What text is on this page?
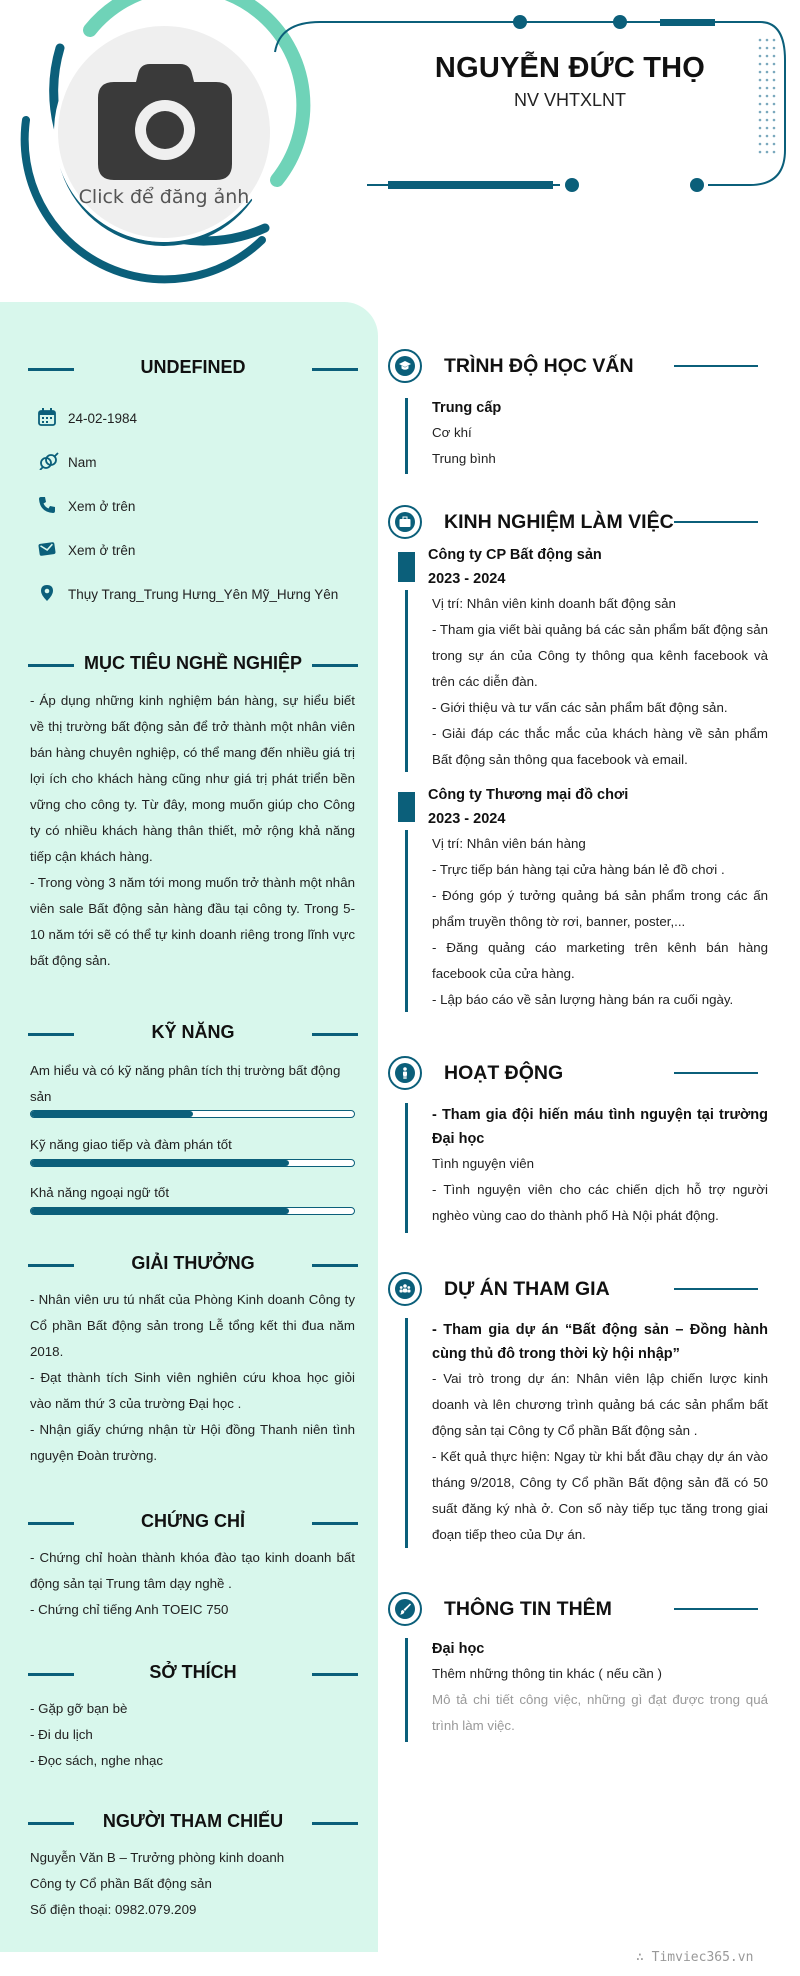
Click để đăng ảnh
NGUYỄN ĐỨC THỌ
NV VHTXLNT
UNDEFINED
24-02-1984
Nam
Xem ở trên
Xem ở trên
Thụy Trang_Trung Hưng_Yên Mỹ_Hưng Yên
MỤC TIÊU NGHỀ NGHIỆP

- Áp dụng những kinh nghiệm bán hàng, sự hiểu biết về thị trường bất động sản để trở thành một nhân viên bán hàng chuyên nghiệp, có thể mang đến nhiều giá trị lợi ích cho khách hàng cũng như giá trị phát triển bền vững cho công ty. Từ đây, mong muốn giúp cho Công ty có nhiều khách hàng thân thiết, mở rộng khả năng tiếp cận khách hàng.

- Trong vòng 3 năm tới mong muốn trở thành một nhân viên sale Bất động sản hàng đầu tại công ty. Trong 5-10 năm tới sẽ có thể tự kinh doanh riêng trong lĩnh vực bất động sản.

KỸ NĂNG
Am hiểu và có kỹ năng phân tích thị trường bất động sản
Kỹ năng giao tiếp và đàm phán tốt
Khả năng ngoại ngữ tốt
GIẢI THƯỞNG

- Nhân viên ưu tú nhất của Phòng Kinh doanh Công ty Cổ phần Bất động sản trong Lễ tổng kết thi đua năm 2018.

- Đạt thành tích Sinh viên nghiên cứu khoa học giỏi vào năm thứ 3 của trường Đại học .

- Nhận giấy chứng nhận từ Hội đồng Thanh niên tình nguyện Đoàn trường.

CHỨNG CHỈ

- Chứng chỉ hoàn thành khóa đào tạo kinh doanh bất động sản tại Trung tâm dạy nghề .

- Chứng chỉ tiếng Anh TOEIC 750

SỞ THÍCH

- Gặp gỡ bạn bè

- Đi du lịch

- Đọc sách, nghe nhạc

NGƯỜI THAM CHIẾU

Nguyễn Văn B – Trưởng phòng kinh doanh

Công ty Cổ phần Bất động sản

Số điện thoại: 0982.079.209

TRÌNH ĐỘ HỌC VẤN
Trung cấp
Cơ khí
Trung bình
KINH NGHIỆM LÀM VIỆC
Công ty CP Bất động sản
2023 - 2024
Vị trí: Nhân viên kinh doanh bất động sản
- Tham gia viết bài quảng bá các sản phẩm bất động sản trong sự án của Công ty thông qua kênh facebook và trên các diễn đàn.
- Giới thiệu và tư vấn các sản phẩm bất động sản.
- Giải đáp các thắc mắc của khách hàng về sản phẩm Bất động sản thông qua facebook và email.
Công ty Thương mại đồ chơi
2023 - 2024
Vị trí: Nhân viên bán hàng
- Trực tiếp bán hàng tại cửa hàng bán lẻ đồ chơi .
- Đóng góp ý tưởng quảng bá sản phẩm trong các ấn phẩm truyền thông tờ rơi, banner, poster,...
- Đăng quảng cáo marketing trên kênh bán hàng facebook của cửa hàng.
- Lập báo cáo về sản lượng hàng bán ra cuối ngày.
HOẠT ĐỘNG
- Tham gia đội hiến máu tình nguyện tại trường Đại học
Tình nguyện viên
- Tình nguyện viên cho các chiến dịch hỗ trợ người nghèo vùng cao do thành phố Hà Nội phát động.
DỰ ÁN THAM GIA
- Tham gia dự án “Bất động sản – Đồng hành cùng thủ đô trong thời kỳ hội nhập”
- Vai trò trong dự án: Nhân viên lập chiến lược kinh doanh và lên chương trình quảng bá các sản phẩm bất động sản tại Công ty Cổ phần Bất động sản .
- Kết quả thực hiện: Ngay từ khi bắt đầu chạy dự án vào tháng 9/2018, Công ty Cổ phần Bất động sản đã có 50 suất đăng ký nhà ở. Con số này tiếp tục tăng trong giai đoạn tiếp theo của Dự án.
THÔNG TIN THÊM
Đại học
Thêm những thông tin khác ( nếu cần )
Mô tả chi tiết công việc, những gì đạt được trong quá trình làm việc.
∴ Timviec365.vn
